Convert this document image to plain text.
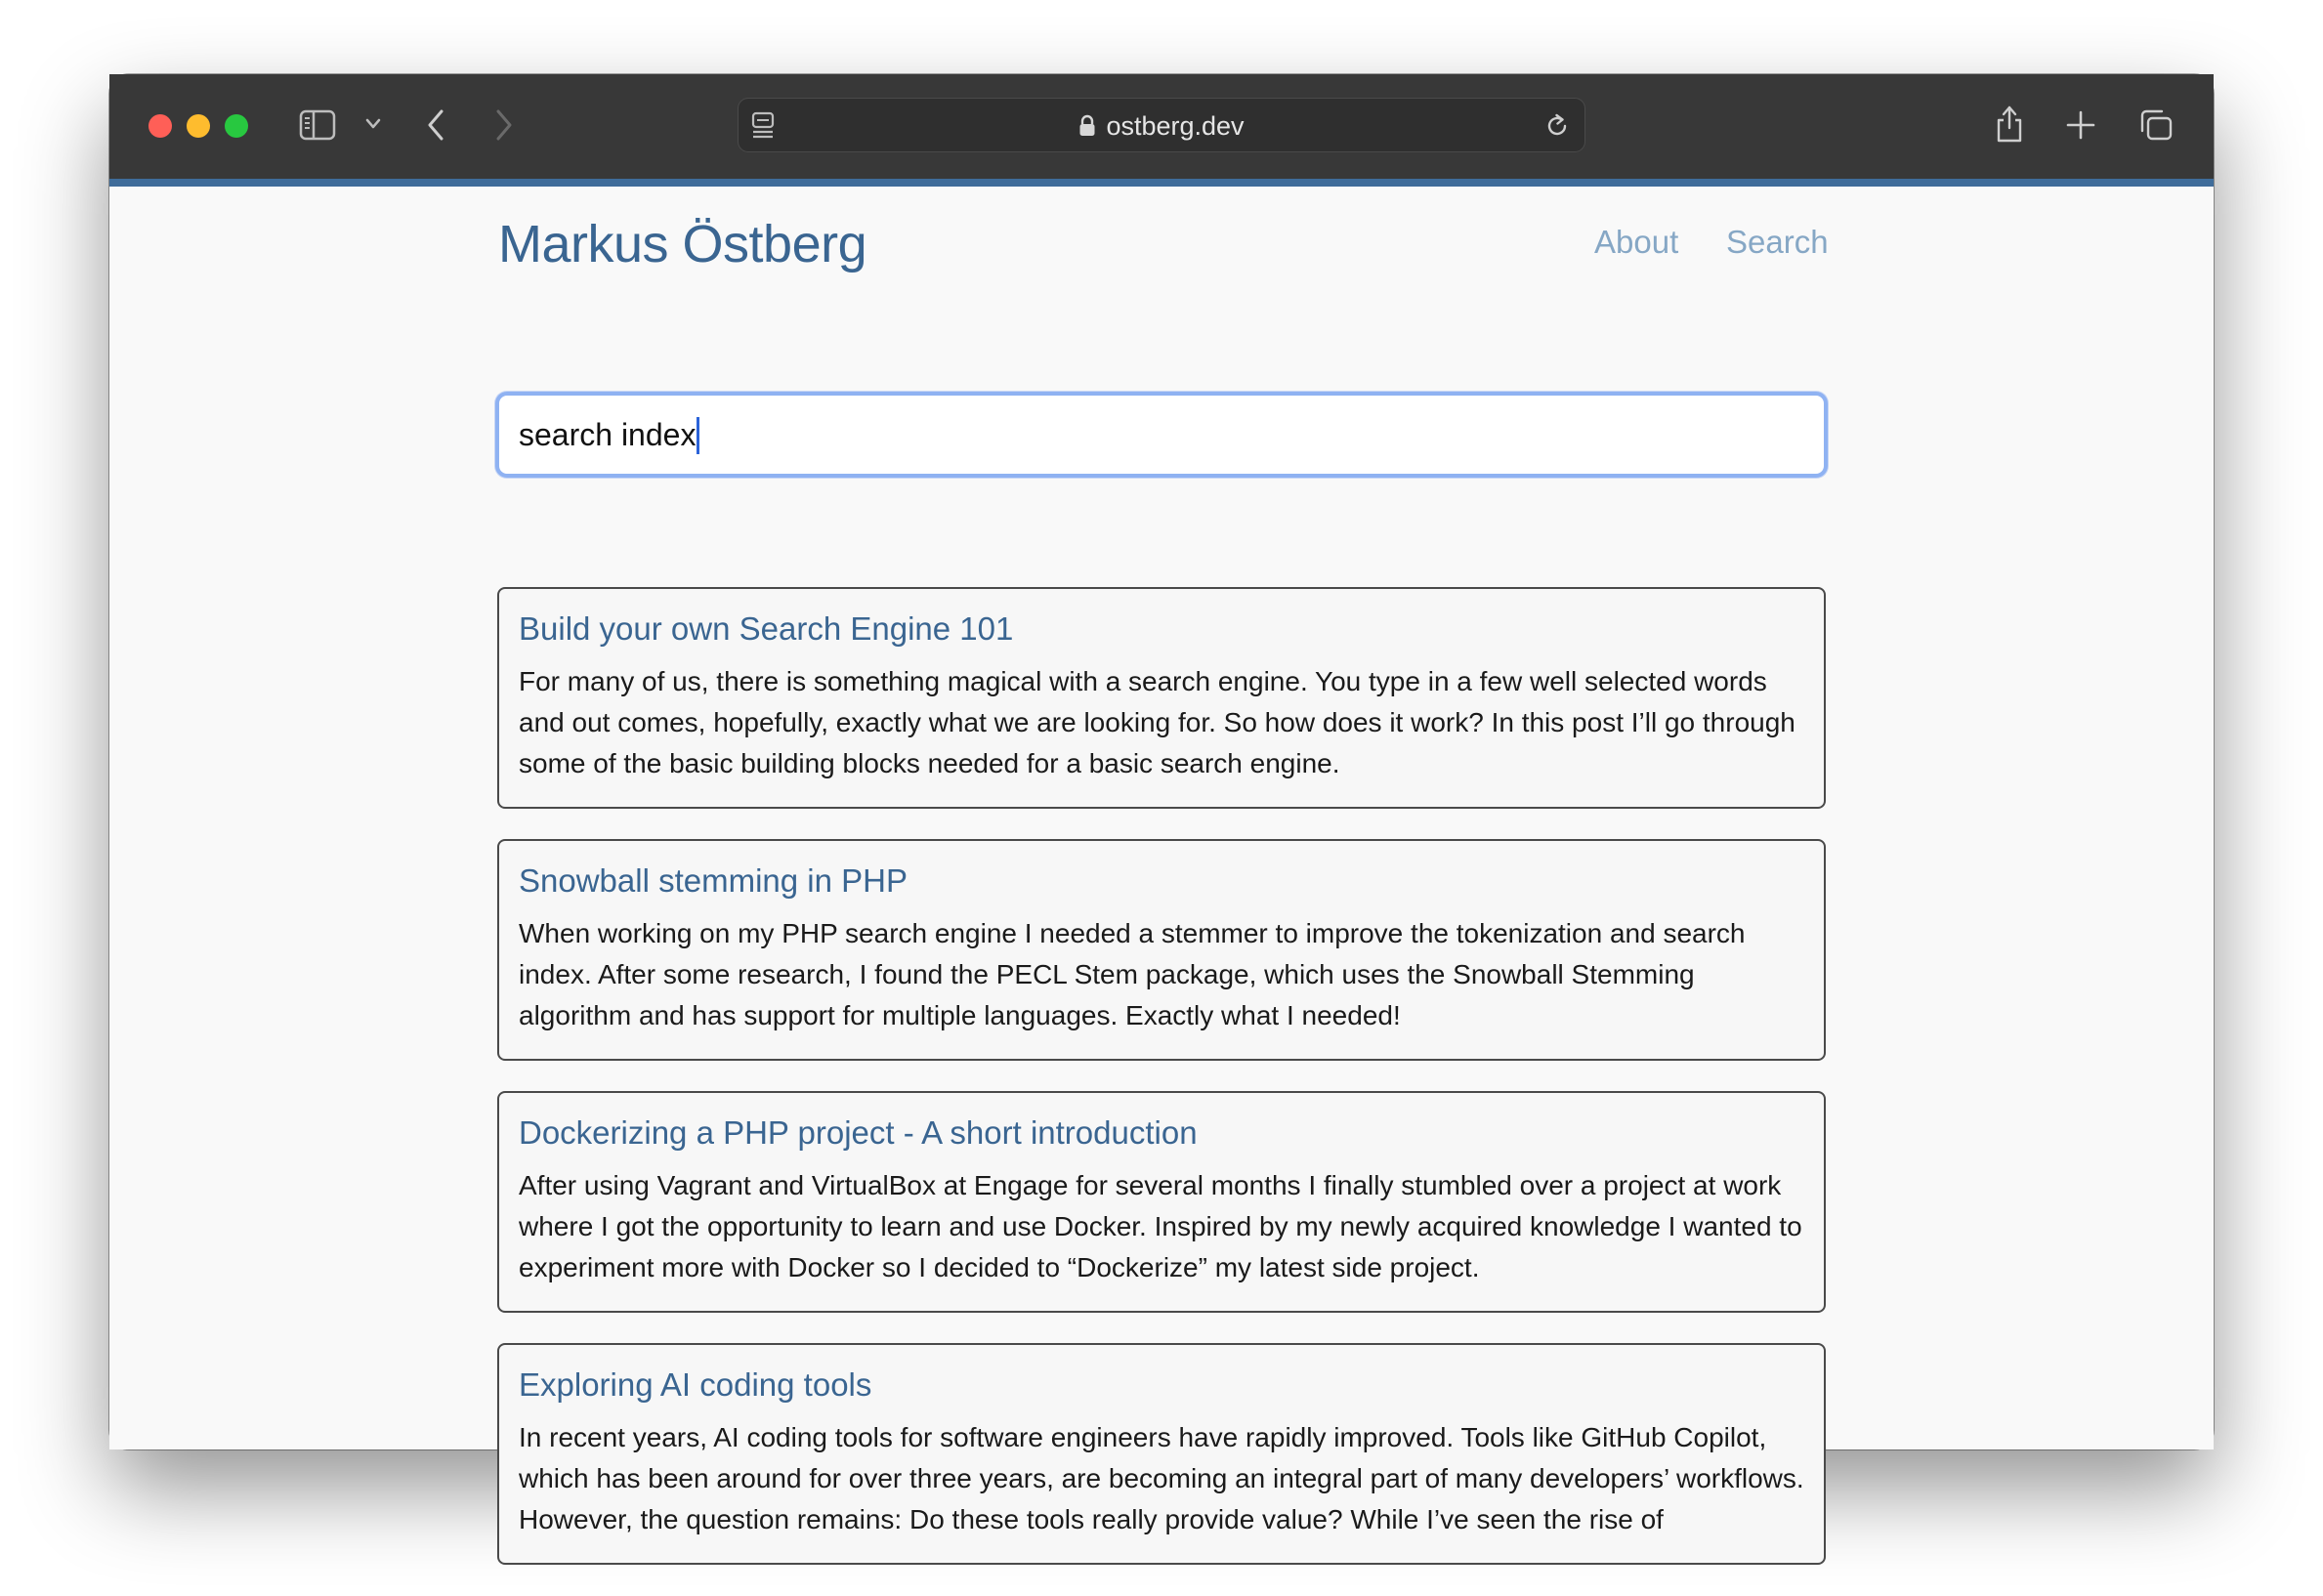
ostberg.dev
Markus Östberg	About Search
search index
Build your own Search Engine 101

For many of us, there is something magical with a search engine. You type in a few well selected words and out comes, hopefully, exactly what we are looking for. So how does it work? In this post I’ll go through some of the basic building blocks needed for a basic search engine.

Snowball stemming in PHP

When working on my PHP search engine I needed a stemmer to improve the tokenization and search index. After some research, I found the PECL Stem package, which uses the Snowball Stemming algorithm and has support for multiple languages. Exactly what I needed!

Dockerizing a PHP project - A short introduction

After using Vagrant and VirtualBox at Engage for several months I finally stumbled over a project at work where I got the opportunity to learn and use Docker. Inspired by my newly acquired knowledge I wanted to experiment more with Docker so I decided to “Dockerize” my latest side project.

Exploring AI coding tools

In recent years, AI coding tools for software engineers have rapidly improved. Tools like GitHub Copilot, which has been around for over three years, are becoming an integral part of many developers’ workflows. However, the question remains: Do these tools really provide value? While I’ve seen the rise of
